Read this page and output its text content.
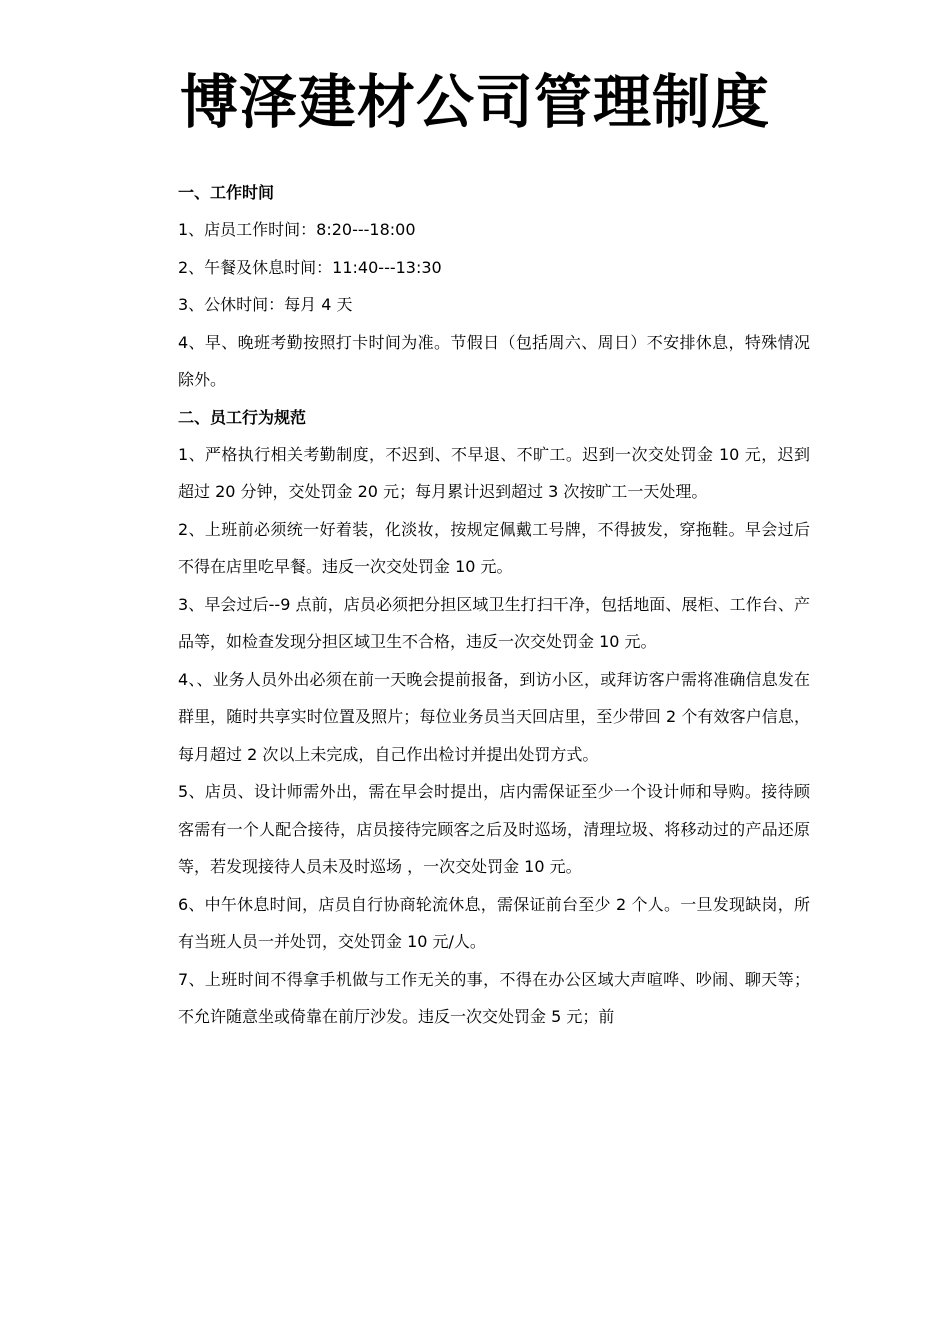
博泽建材公司管理制度

一、工作时间

1、店员工作时间：8:20---18:00

2、午餐及休息时间：11:40---13:30

3、公休时间：每月 4 天

4、早、晚班考勤按照打卡时间为准。节假日（包括周六、周日）不安排休息，特殊情况除外。

二、员工行为规范

1、严格执行相关考勤制度，不迟到、不早退、不旷工。迟到一次交处罚金 10 元，迟到超过 20 分钟，交处罚金 20 元；每月累计迟到超过 3 次按旷工一天处理。

2、上班前必须统一好着装，化淡妆，按规定佩戴工号牌，不得披发，穿拖鞋。早会过后不得在店里吃早餐。违反一次交处罚金 10 元。

3、早会过后--9 点前，店员必须把分担区域卫生打扫干净，包括地面、展柜、工作台、产品等，如检查发现分担区域卫生不合格，违反一次交处罚金 10 元。

4、、业务人员外出必须在前一天晚会提前报备，到访小区，或拜访客户需将准确信息发在群里，随时共享实时位置及照片；每位业务员当天回店里，至少带回 2 个有效客户信息，每月超过 2 次以上未完成，自己作出检讨并提出处罚方式。

5、店员、设计师需外出，需在早会时提出，店内需保证至少一个设计师和导购。接待顾客需有一个人配合接待，店员接待完顾客之后及时巡场，清理垃圾、将移动过的产品还原等，若发现接待人员未及时巡场 ，一次交处罚金 10 元。

6、中午休息时间，店员自行协商轮流休息，需保证前台至少 2 个人。一旦发现缺岗，所有当班人员一并处罚，交处罚金 10 元/人。

7、上班时间不得拿手机做与工作无关的事，不得在办公区域大声喧哗、吵闹、聊天等；不允许随意坐或倚靠在前厅沙发。违反一次交处罚金 5 元；前
